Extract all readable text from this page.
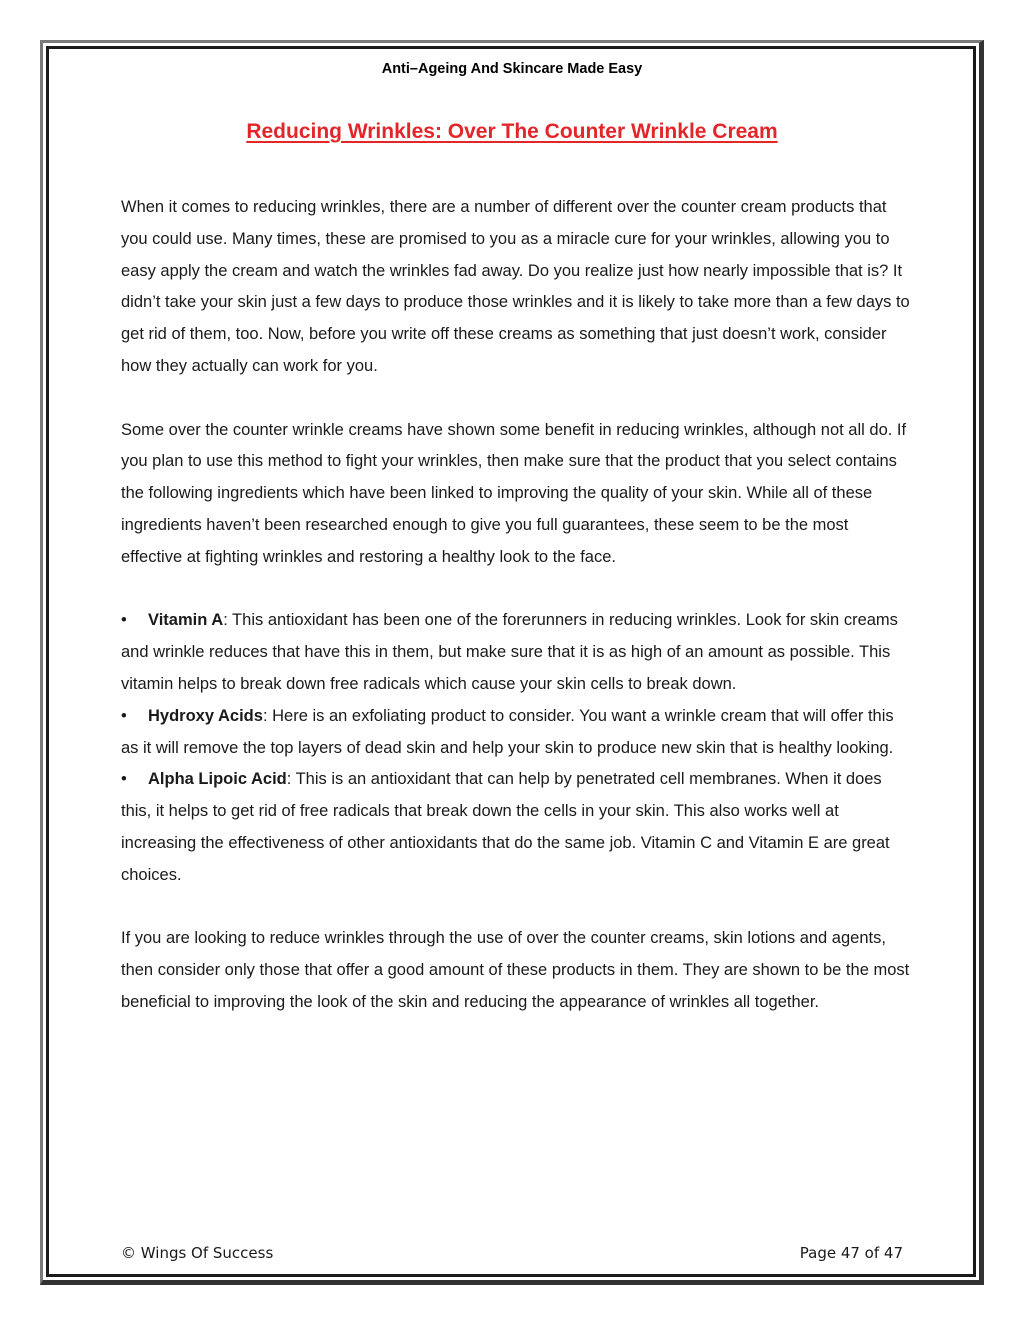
Anti–Ageing And Skincare Made Easy
Reducing Wrinkles: Over The Counter Wrinkle Cream

When it comes to reducing wrinkles, there are a number of different over the counter cream products that you could use. Many times, these are promised to you as a miracle cure for your wrinkles, allowing you to easy apply the cream and watch the wrinkles fad away. Do you realize just how nearly impossible that is? It didn’t take your skin just a few days to produce those wrinkles and it is likely to take more than a few days to get rid of them, too. Now, before you write off these creams as something that just doesn’t work, consider how they actually can work for you.

Some over the counter wrinkle creams have shown some benefit in reducing wrinkles, although not all do. If you plan to use this method to fight your wrinkles, then make sure that the product that you select contains the following ingredients which have been linked to improving the quality of your skin. While all of these ingredients haven’t been researched enough to give you full guarantees, these seem to be the most effective at fighting wrinkles and restoring a healthy look to the face.

• Vitamin A: This antioxidant has been one of the forerunners in reducing wrinkles. Look for skin creams and wrinkle reduces that have this in them, but make sure that it is as high of an amount as possible. This vitamin helps to break down free radicals which cause your skin cells to break down.

• Hydroxy Acids: Here is an exfoliating product to consider. You want a wrinkle cream that will offer this as it will remove the top layers of dead skin and help your skin to produce new skin that is healthy looking.

• Alpha Lipoic Acid: This is an antioxidant that can help by penetrated cell membranes. When it does this, it helps to get rid of free radicals that break down the cells in your skin. This also works well at increasing the effectiveness of other antioxidants that do the same job. Vitamin C and Vitamin E are great choices.

If you are looking to reduce wrinkles through the use of over the counter creams, skin lotions and agents, then consider only those that offer a good amount of these products in them. They are shown to be the most beneficial to improving the look of the skin and reducing the appearance of wrinkles all together.

© Wings Of Success	Page 47 of 47
